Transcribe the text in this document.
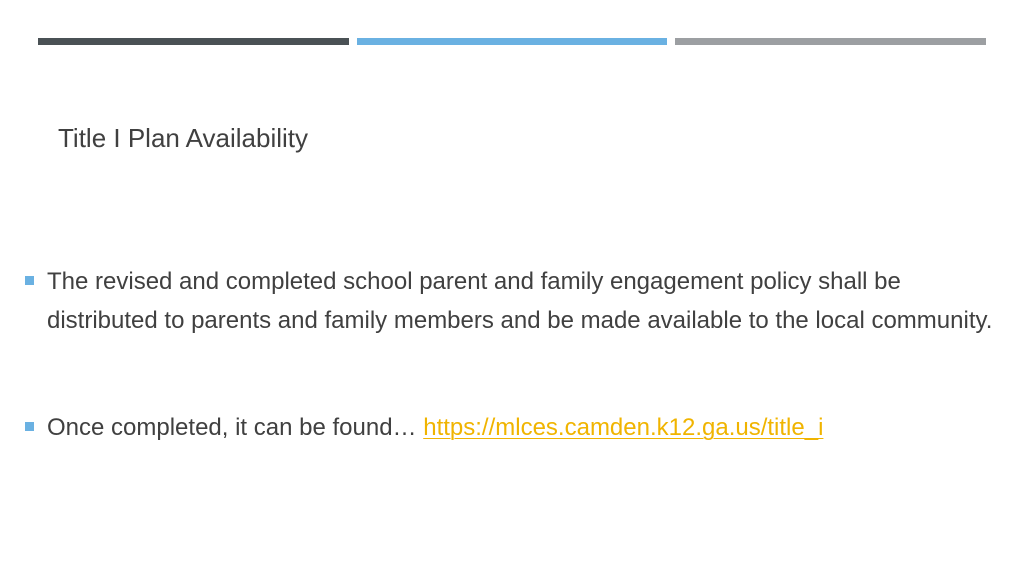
Title I Plan Availability
The revised and completed school parent and family engagement policy shall be distributed to parents and family members and be made available to the local community.
Once completed, it can be found… https://mlces.camden.k12.ga.us/title_i
